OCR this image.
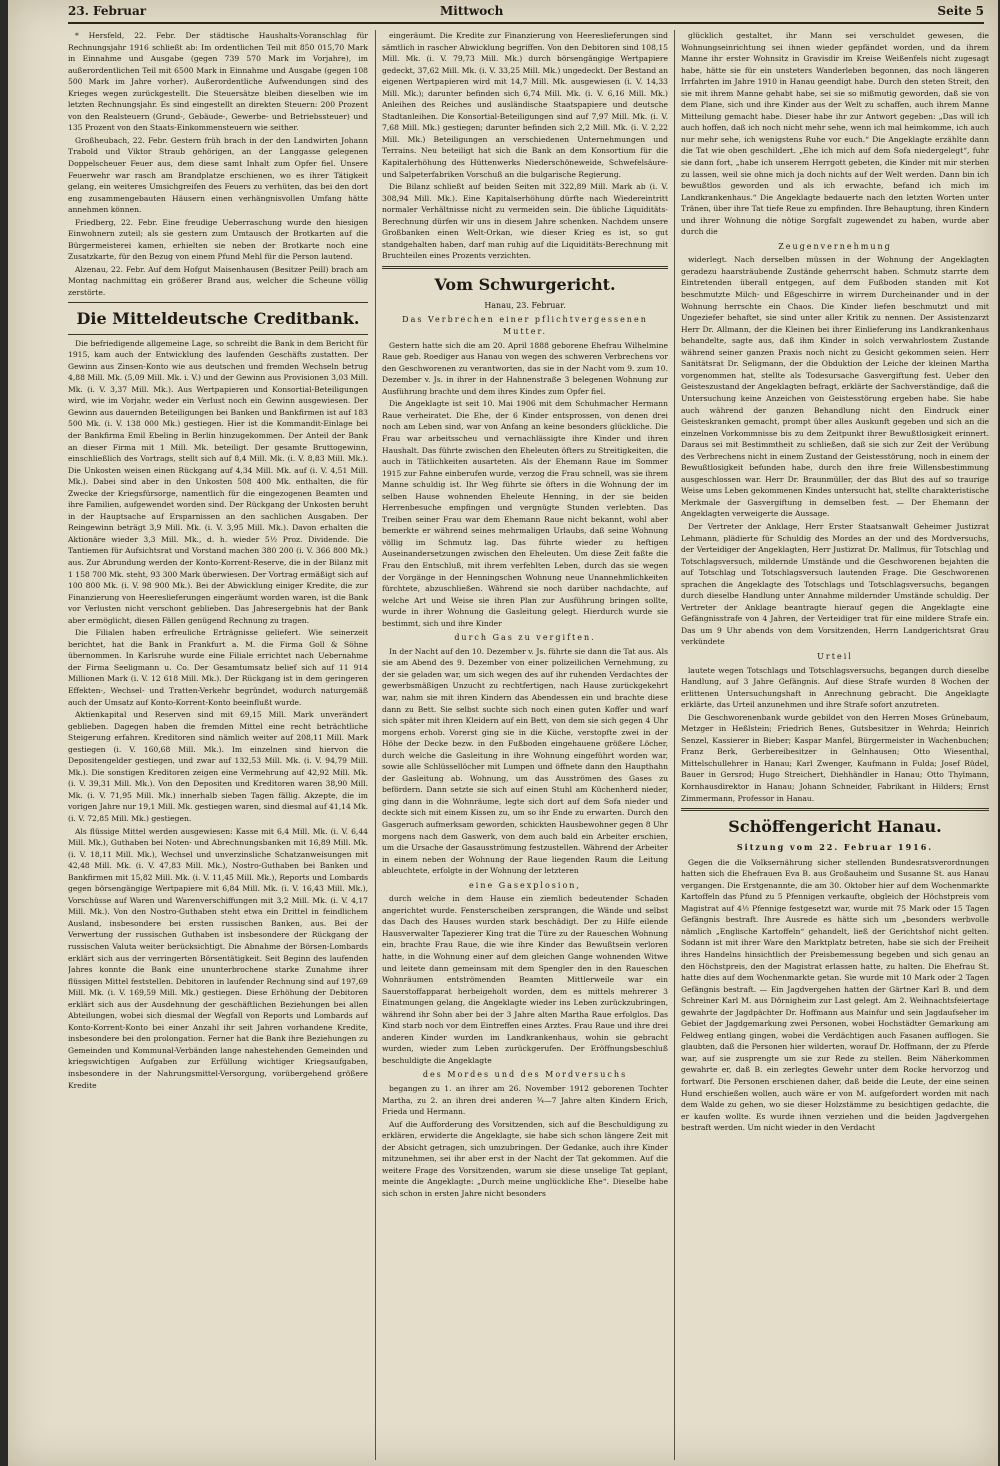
23. Februar	Mittwoch	Seite 5

* Hersfeld, 22. Febr. Der städtische Haushalts-Voranschlag für Rechnungsjahr 1916 schließt ab: Im ordentlichen Teil mit 850 015,70 Mark in Einnahme und Ausgabe (gegen 739 570 Mark im Vorjahre), im außerordentlichen Teil mit 6500 Mark in Einnahme und Ausgabe (gegen 108 500 Mark im Jahre vorher). Außerordentliche Aufwendungen sind des Krieges wegen zurückgestellt. Die Steuersätze bleiben dieselben wie im letzten Rechnungsjahr. Es sind eingestellt an direkten Steuern: 200 Prozent von den Realsteuern (Grund-, Gebäude-, Gewerbe- und Betriebssteuer) und 135 Prozent von den Staats-Einkommensteuern wie seither.

Großheubach, 22. Febr. Gestern früh brach in der den Landwirten Johann Trabold und Viktor Straub gehörigen, an der Langgasse gelegenen Doppelscheuer Feuer aus, dem diese samt Inhalt zum Opfer fiel. Unsere Feuerwehr war rasch am Brandplatze erschienen, wo es ihrer Tätigkeit gelang, ein weiteres Umsichgreifen des Feuers zu verhüten, das bei den dort eng zusammengebauten Häusern einen verhängnisvollen Umfang hätte annehmen können.

Friedberg, 22. Febr. Eine freudige Ueberraschung wurde den hiesigen Einwohnern zuteil; als sie gestern zum Umtausch der Brotkarten auf die Bürgermeisterei kamen, erhielten sie neben der Brotkarte noch eine Zusatzkarte, für den Bezug von einem Pfund Mehl für die Person lautend.

Alzenau, 22. Febr. Auf dem Hofgut Maisenhausen (Besitzer Peill) brach am Montag nachmittag ein größerer Brand aus, welcher die Scheune völlig zerstörte.

Die Mitteldeutsche Creditbank.

Die befriedigende allgemeine Lage, so schreibt die Bank in dem Bericht für 1915, kam auch der Entwicklung des laufenden Geschäfts zustatten. Der Gewinn aus Zinsen-Konto wie aus deutschen und fremden Wechseln betrug 4,88 Mill. Mk. (5,09 Mill. Mk. i. V.) und der Gewinn aus Provisionen 3,03 Mill. Mk. (i. V. 3,37 Mill. Mk.). Aus Wertpapieren und Konsortial-Beteiligungen wird, wie im Vorjahr, weder ein Verlust noch ein Gewinn ausgewiesen. Der Gewinn aus dauernden Beteiligungen bei Banken und Bankfirmen ist auf 183 500 Mk. (i. V. 138 000 Mk.) gestiegen. Hier ist die Kommandit-Einlage bei der Bankfirma Emil Ebeling in Berlin hinzugekommen. Der Anteil der Bank an dieser Firma mit 1 Mill. Mk. beteiligt. Der gesamte Bruttogewinn, einschließlich des Vortrags, stellt sich auf 8,4 Mill. Mk. (i. V. 8,83 Mill. Mk.). Die Unkosten weisen einen Rückgang auf 4,34 Mill. Mk. auf (i. V. 4,51 Mill. Mk.). Dabei sind aber in den Unkosten 508 400 Mk. enthalten, die für Zwecke der Kriegsfürsorge, namentlich für die eingezogenen Beamten und ihre Familien, aufgewendet worden sind. Der Rückgang der Unkosten beruht in der Hauptsache auf Ersparnissen an den sachlichen Ausgaben. Der Reingewinn beträgt 3,9 Mill. Mk. (i. V. 3,95 Mill. Mk.). Davon erhalten die Aktionäre wieder 3,3 Mill. Mk., d. h. wieder 5½ Proz. Dividende. Die Tantiemen für Aufsichtsrat und Vorstand machen 380 200 (i. V. 366 800 Mk.) aus. Zur Abrundung werden der Konto-Korrent-Reserve, die in der Bilanz mit 1 158 700 Mk. steht, 93 300 Mark überwiesen. Der Vortrag ermäßigt sich auf 100 800 Mk. (i. V. 98 900 Mk.). Bei der Abwicklung einiger Kredite, die zur Finanzierung von Heereslieferungen eingeräumt worden waren, ist die Bank vor Verlusten nicht verschont geblieben. Das Jahresergebnis hat der Bank aber ermöglicht, diesen Fällen genügend Rechnung zu tragen.

Die Filialen haben erfreuliche Erträgnisse geliefert. Wie seinerzeit berichtet, hat die Bank in Frankfurt a. M. die Firma Goll & Söhne übernommen. In Karlsruhe wurde eine Filiale errichtet nach Uebernahme der Firma Seeligmann u. Co. Der Gesamtumsatz belief sich auf 11 914 Millionen Mark (i. V. 12 618 Mill. Mk.). Der Rückgang ist in dem geringeren Effekten-, Wechsel- und Tratten-Verkehr begründet, wodurch naturgemäß auch der Umsatz auf Konto-Korrent-Konto beeinflußt wurde.

Aktienkapital und Reserven sind mit 69,15 Mill. Mark unverändert geblieben. Dagegen haben die fremden Mittel eine recht beträchtliche Steigerung erfahren. Kreditoren sind nämlich weiter auf 208,11 Mill. Mark gestiegen (i. V. 160,68 Mill. Mk.). Im einzelnen sind hiervon die Depositengelder gestiegen, und zwar auf 132,53 Mill. Mk. (i. V. 94,79 Mill. Mk.). Die sonstigen Kreditoren zeigen eine Vermehrung auf 42,92 Mill. Mk. (i. V. 39,31 Mill. Mk.). Von den Depositen und Kreditoren waren 38,90 Mill. Mk. (i. V. 71,95 Mill. Mk.) innerhalb sieben Tagen fällig. Akzepte, die im vorigen Jahre nur 19,1 Mill. Mk. gestiegen waren, sind diesmal auf 41,14 Mk. (i. V. 72,85 Mill. Mk.) gestiegen.

Als flüssige Mittel werden ausgewiesen: Kasse mit 6,4 Mill. Mk. (i. V. 6,44 Mill. Mk.), Guthaben bei Noten- und Abrechnungsbanken mit 16,89 Mill. Mk. (i. V. 18,11 Mill. Mk.), Wechsel und unverzinsliche Schatzanweisungen mit 42,48 Mill. Mk. (i. V. 47,83 Mill. Mk.), Nostro-Guthaben bei Banken und Bankfirmen mit 15,82 Mill. Mk. (i. V. 11,45 Mill. Mk.), Reports und Lombards gegen börsengängige Wertpapiere mit 6,84 Mill. Mk. (i. V. 16,43 Mill. Mk.), Vorschüsse auf Waren und Warenverschiffungen mit 3,2 Mill. Mk. (i. V. 4,17 Mill. Mk.). Von den Nostro-Guthaben steht etwa ein Drittel in feindlichem Ausland, insbesondere bei ersten russischen Banken, aus. Bei der Verwertung der russischen Guthaben ist insbesondere der Rückgang der russischen Valuta weiter berücksichtigt. Die Abnahme der Börsen-Lombards erklärt sich aus der verringerten Börsentätigkeit. Seit Beginn des laufenden Jahres konnte die Bank eine ununterbrochene starke Zunahme ihrer flüssigen Mittel feststellen. Debitoren in laufender Rechnung sind auf 197,69 Mill. Mk. (i. V. 169,59 Mill. Mk.) gestiegen. Diese Erhöhung der Debitoren erklärt sich aus der Ausdehnung der geschäftlichen Beziehungen bei allen Abteilungen, wobei sich diesmal der Wegfall von Reports und Lombards auf Konto-Korrent-Konto bei einer Anzahl ihr seit Jahren vorhandene Kredite, insbesondere bei den prolongation. Ferner hat die Bank ihre Beziehungen zu Gemeinden und Kommunal-Verbänden lange nahestehenden Gemeinden und kriegswichtigen Aufgaben zur Erfüllung wichtiger Kriegsaufgaben, insbesondere in der Nahrungsmittel-Versorgung, vorübergehend größere Kredite

eingeräumt. Die Kredite zur Finanzierung von Heereslieferungen sind sämtlich in rascher Abwicklung begriffen. Von den Debitoren sind 108,15 Mill. Mk. (i. V. 79,73 Mill. Mk.) durch börsengängige Wertpapiere gedeckt, 37,62 Mill. Mk. (i. V. 33,25 Mill. Mk.) ungedeckt. Der Bestand an eigenen Wertpapieren wird mit 14,7 Mill. Mk. ausgewiesen (i. V. 14,33 Mill. Mk.); darunter befinden sich 6,74 Mill. Mk. (i. V. 6,16 Mill. Mk.) Anleihen des Reiches und ausländische Staatspapiere und deutsche Stadtanleihen. Die Konsortial-Beteiligungen sind auf 7,97 Mill. Mk. (i. V. 7,68 Mill. Mk.) gestiegen; darunter befinden sich 2,2 Mill. Mk. (i. V. 2,22 Mill. Mk.) Beteiligungen an verschiedenen Unternehmungen und Terrains. Neu beteiligt hat sich die Bank an dem Konsortium für die Kapitalerhöhung des Hüttenwerks Niederschöneweide, Schwefelsäure- und Salpeterfabriken Vorschuß an die bulgarische Regierung.

Die Bilanz schließt auf beiden Seiten mit 322,89 Mill. Mark ab (i. V. 308,94 Mill. Mk.). Eine Kapitalserhöhung dürfte nach Wiedereintritt normaler Verhältnisse nicht zu vermeiden sein. Die übliche Liquiditäts-Berechnung dürfen wir uns in diesem Jahre schenken. Nachdem unsere Großbanken einen Welt-Orkan, wie dieser Krieg es ist, so gut standgehalten haben, darf man ruhig auf die Liquiditäts-Berechnung mit Bruchteilen eines Prozents verzichten.

Vom Schwurgericht.
Hanau, 23. Februar.
Das Verbrechen einer pflichtvergessenen Mutter.

Gestern hatte sich die am 20. April 1888 geborene Ehefrau Wilhelmine Raue geb. Roediger aus Hanau von wegen des schweren Verbrechens vor den Geschworenen zu verantworten, das sie in der Nacht vom 9. zum 10. Dezember v. Js. in ihrer in der Hahnenstraße 3 belegenen Wohnung zur Ausführung brachte und dem ihres Kindes zum Opfer fiel.

Die Angeklagte ist seit 10. Mai 1906 mit dem Schuhmacher Hermann Raue verheiratet. Die Ehe, der 6 Kinder entsprossen, von denen drei noch am Leben sind, war von Anfang an keine besonders glückliche. Die Frau war arbeitsscheu und vernachlässigte ihre Kinder und ihren Haushalt. Das führte zwischen den Eheleuten öfters zu Streitigkeiten, die auch in Tätlichkeiten ausarteten. Als der Ehemann Raue im Sommer 1915 zur Fahne einberufen wurde, verzog die Frau schnell, was sie ihrem Manne schuldig ist. Ihr Weg führte sie öfters in die Wohnung der im selben Hause wohnenden Eheleute Henning, in der sie beiden Herrenbesuche empfingen und vergnügte Stunden verlebten. Das Treiben seiner Frau war dem Ehemann Raue nicht bekannt, wohl aber bemerkte er während seines mehrmaligen Urlaubs, daß seine Wohnung völlig im Schmutz lag. Das führte wieder zu heftigen Auseinandersetzungen zwischen den Eheleuten. Um diese Zeit faßte die Frau den Entschluß, mit ihrem verfehlten Leben, durch das sie wegen der Vorgänge in der Henningschen Wohnung neue Unannehmlichkeiten fürchtete, abzuschließen. Während sie noch darüber nachdachte, auf welche Art und Weise sie ihren Plan zur Ausführung bringen sollte, wurde in ihrer Wohnung die Gasleitung gelegt. Hierdurch wurde sie bestimmt, sich und ihre Kinder

durch Gas zu vergiften.

In der Nacht auf den 10. Dezember v. Js. führte sie dann die Tat aus. Als sie am Abend des 9. Dezember von einer polizeilichen Vernehmung, zu der sie geladen war, um sich wegen des auf ihr ruhenden Verdachtes der gewerbsmäßigen Unzucht zu rechtfertigen, nach Hause zurückgekehrt war, nahm sie mit ihren Kindern das Abendessen ein und brachte diese dann zu Bett. Sie selbst suchte sich noch einen guten Koffer und warf sich später mit ihren Kleidern auf ein Bett, von dem sie sich gegen 4 Uhr morgens erhob. Vorerst ging sie in die Küche, verstopfte zwei in der Höhe der Decke bezw. in den Fußboden eingehauene größere Löcher, durch welche die Gasleitung in ihre Wohnung eingeführt worden war, sowie alle Schlüssellöcher mit Lumpen und öffnete dann den Haupthahn der Gasleitung ab. Wohnung, um das Ausströmen des Gases zu befördern. Dann setzte sie sich auf einen Stuhl am Küchenherd nieder, ging dann in die Wohnräume, legte sich dort auf dem Sofa nieder und deckte sich mit einem Kissen zu, um so ihr Ende zu erwarten. Durch den Gasgeruch aufmerksam geworden, schickten Hausbewohner gegen 8 Uhr morgens nach dem Gaswerk, von dem auch bald ein Arbeiter erschien, um die Ursache der Gasausströmung festzustellen. Während der Arbeiter in einem neben der Wohnung der Raue liegenden Raum die Leitung ableuchtete, erfolgte in der Wohnung der letzteren

eine Gasexplosion,

durch welche in dem Hause ein ziemlich bedeutender Schaden angerichtet wurde. Fensterscheiben zersprangen, die Wände und selbst das Dach des Hauses wurden stark beschädigt. Der zu Hilfe eilende Hausverwalter Tapezierer King trat die Türe zu der Raueschen Wohnung ein, brachte Frau Raue, die wie ihre Kinder das Bewußtsein verloren hatte, in die Wohnung einer auf dem gleichen Gange wohnenden Witwe und leitete dann gemeinsam mit dem Spengler den in den Raueschen Wohnräumen entströmenden Beamten Mittlerweile war ein Sauerstoffapparat herbeigeholt worden, dem es mittels mehrerer 3 Einatmungen gelang, die Angeklagte wieder ins Leben zurückzubringen, während ihr Sohn aber bei der 3 Jahre alten Martha Raue erfolglos. Das Kind starb noch vor dem Eintreffen eines Arztes. Frau Raue und ihre drei anderen Kinder wurden im Landkrankenhaus, wohin sie gebracht wurden, wieder zum Leben zurückgerufen. Der Eröffnungsbeschluß beschuldigte die Angeklagte

des Mordes und des Mordversuchs

begangen zu 1. an ihrer am 26. November 1912 geborenen Tochter Martha, zu 2. an ihren drei anderen ¾—7 Jahre alten Kindern Erich, Frieda und Hermann.

Auf die Aufforderung des Vorsitzenden, sich auf die Beschuldigung zu erklären, erwiderte die Angeklagte, sie habe sich schon längere Zeit mit der Absicht getragen, sich umzubringen. Der Gedanke, auch ihre Kinder mitzunehmen, sei ihr aber erst in der Nacht der Tat gekommen. Auf die weitere Frage des Vorsitzenden, warum sie diese unselige Tat geplant, meinte die Angeklagte: „Durch meine unglückliche Ehe“. Dieselbe habe sich schon in ersten Jahre nicht besonders

glücklich gestaltet, ihr Mann sei verschuldet gewesen, die Wohnungseinrichtung sei ihnen wieder gepfändet worden, und da ihrem Manne ihr erster Wohnsitz in Gravisdir im Kreise Weißenfels nicht zugesagt habe, hätte sie für ein unsteters Wanderleben begonnen, das noch längeren Irrfahrten im Jahre 1910 in Hanau geendigt habe. Durch den steten Streit, den sie mit ihrem Manne gehabt habe, sei sie so mißmutig geworden, daß sie von dem Plane, sich und ihre Kinder aus der Welt zu schaffen, auch ihrem Manne Mitteilung gemacht habe. Dieser habe ihr zur Antwort gegeben: „Das will ich auch hoffen, daß ich noch nicht mehr sehe, wenn ich mal heimkomme, ich auch nur mehr sehe, ich wenigstens Ruhe vor euch.“ Die Angeklagte erzählte dann die Tat wie oben geschildert. „Ehe ich mich auf dem Sofa niedergelegt“, fuhr sie dann fort, „habe ich unserem Herrgott gebeten, die Kinder mit mir sterben zu lassen, weil sie ohne mich ja doch nichts auf der Welt werden. Dann bin ich bewußtlos geworden und als ich erwachte, befand ich mich im Landkrankenhaus.“ Die Angeklagte bedauerte nach den letzten Worten unter Tränen, über ihre Tat tiefe Reue zu empfinden. Ihre Behauptung, ihren Kindern und ihrer Wohnung die nötige Sorgfalt zugewendet zu haben, wurde aber durch die

Zeugenvernehmung

widerlegt. Nach derselben müssen in der Wohnung der Angeklagten geradezu haarsträubende Zustände geherrscht haben. Schmutz starrte dem Eintretenden überall entgegen, auf dem Fußboden standen mit Kot beschmutzte Milch- und Eßgeschirre in wirrem Durcheinander und in der Wohnung herrschte ein Chaos. Die Kinder liefen beschmutzt und mit Ungeziefer behaftet, sie sind unter aller Kritik zu nennen. Der Assistenzarzt Herr Dr. Allmann, der die Kleinen bei ihrer Einlieferung ins Landkrankenhaus behandelte, sagte aus, daß ihm Kinder in solch verwahrlostem Zustande während seiner ganzen Praxis noch nicht zu Gesicht gekommen seien. Herr Sanitätsrat Dr. Seligmann, der die Obduktion der Leiche der kleinen Martha vorgenommen hat, stellte als Todesursache Gasvergiftung fest. Ueber den Geisteszustand der Angeklagten befragt, erklärte der Sachverständige, daß die Untersuchung keine Anzeichen von Geistesstörung ergeben habe. Sie habe auch während der ganzen Behandlung nicht den Eindruck einer Geisteskranken gemacht, prompt über alles Auskunft gegeben und sich an die einzelnen Vorkommnisse bis zu dem Zeitpunkt ihrer Bewußtlosigkeit erinnert. Daraus sei mit Bestimmtheit zu schließen, daß sie sich zur Zeit der Verübung des Verbrechens nicht in einem Zustand der Geistesstörung, noch in einem der Bewußtlosigkeit befunden habe, durch den ihre freie Willensbestimmung ausgeschlossen war. Herr Dr. Braunmüller, der das Blut des auf so traurige Weise ums Leben gekommenen Kindes untersucht hat, stellte charakteristische Merkmale der Gasvergiftung in demselben fest. — Der Ehemann der Angeklagten verweigerte die Aussage.

Der Vertreter der Anklage, Herr Erster Staatsanwalt Geheimer Justizrat Lehmann, plädierte für Schuldig des Mordes an der und des Mordversuchs, der Verteidiger der Angeklagten, Herr Justizrat Dr. Mallmus, für Totschlag und Totschlagsversuch, mildernde Umstände und die Geschworenen bejahten die auf Totschlag und Totschlagsversuch lautenden Frage. Die Geschworenen sprachen die Angeklagte des Totschlags und Totschlagsversuchs, begangen durch dieselbe Handlung unter Annahme mildernder Umstände schuldig. Der Vertreter der Anklage beantragte hierauf gegen die Angeklagte eine Gefängnisstrafe von 4 Jahren, der Verteidiger trat für eine mildere Strafe ein. Das um 9 Uhr abends von dem Vorsitzenden, Herrn Landgerichtsrat Grau verkündete

Urteil

lautete wegen Totschlags und Totschlagsversuchs, begangen durch dieselbe Handlung, auf 3 Jahre Gefängnis. Auf diese Strafe wurden 8 Wochen der erlittenen Untersuchungshaft in Anrechnung gebracht. Die Angeklagte erklärte, das Urteil anzunehmen und ihre Strafe sofort anzutreten.

Die Geschworenenbank wurde gebildet von den Herren Moses Grünebaum, Metzger in Heßlstein; Friedrich Benes, Gutsbesitzer in Wehrda; Heinrich Senzel, Kassierer in Bieber; Kaspar Manfel, Bürgermeister in Wachenbuchen; Franz Berk, Gerbereibesitzer in Gelnhausen; Otto Wiesenthal, Mittelschullehrer in Hanau; Karl Zwenger, Kaufmann in Fulda; Josef Rüdel, Bauer in Gersrod; Hugo Streichert, Diehhändler in Hanau; Otto Thylmann, Kornhausdirektor in Hanau; Johann Schneider, Fabrikant in Hilders; Ernst Zimmermann, Professor in Hanau.

Schöffengericht Hanau.
Sitzung vom 22. Februar 1916.

Gegen die die Volksernährung sicher stellenden Bundesratsverordnungen hatten sich die Ehefrauen Eva B. aus Großauheim und Susanne St. aus Hanau vergangen. Die Erstgenannte, die am 30. Oktober hier auf dem Wochenmarkte Kartoffeln das Pfund zu 5 Pfennigen verkaufte, obgleich der Höchstpreis vom Magistrat auf 4½ Pfennige festgesetzt war, wurde mit 75 Mark oder 15 Tagen Gefängnis bestraft. Ihre Ausrede es hätte sich um „besonders werbvolle nämlich „Englische Kartoffeln“ gehandelt, ließ der Gerichtshof nicht gelten. Sodann ist mit ihrer Ware den Marktplatz betreten, habe sie sich der Freiheit ihres Handelns hinsichtlich der Preisbemessung begeben und sich genau an den Höchstpreis, den der Magistrat erlassen hatte, zu halten. Die Ehefrau St. hatte dies auf dem Wochenmarkte getan. Sie wurde mit 10 Mark oder 2 Tagen Gefängnis bestraft. — Ein Jagdvergehen hatten der Gärtner Karl B. und dem Schreiner Karl M. aus Dörnigheim zur Last gelegt. Am 2. Weihnachtsfeiertage gewahrte der Jagdpächter Dr. Hoffmann aus Mainfur und sein Jagdaufseher im Gebiet der Jagdgemarkung zwei Personen, wobei Hochstädter Gemarkung am Feldweg entlang gingen, wobei die Verdächtigen auch Fasanen aufflogen. Sie glaubten, daß die Personen hier wilderten, worauf Dr. Hoffmann, der zu Pferde war, auf sie zusprengte um sie zur Rede zu stellen. Beim Näherkommen gewahrte er, daß B. ein zerlegtes Gewehr unter dem Rocke hervorzog und fortwarf. Die Personen erschienen daher, daß beide die Leute, der eine seinen Hund erschießen wollen, auch wäre er von M. aufgefordert worden mit nach dem Walde zu gehen, wo sie dieser Holzstämme zu besichtigen gedachte, die er kaufen wollte. Es wurde ihnen verziehen und die beiden Jagdvergehen bestraft werden. Um nicht wieder in den Verdacht
